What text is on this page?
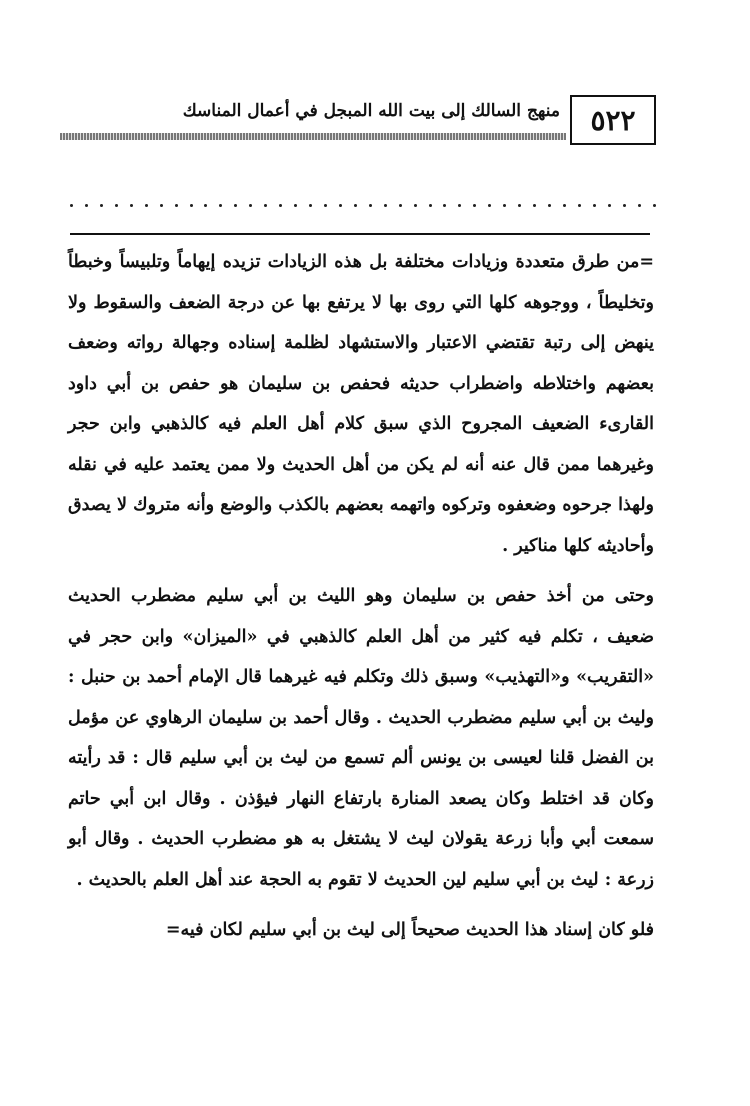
منهج السالك إلى بيت الله المبجل في أعمال المناسك	٥٢٢

=من طرق متعددة وزيادات مختلفة بل هذه الزيادات تزيده إيهاماً وتلبيساً وخبطاً وتخليطاً ، ووجوهه كلها التي روى بها لا يرتفع بها عن درجة الضعف والسقوط ولا ينهض إلى رتبة تقتضي الاعتبار والاستشهاد لظلمة إسناده وجهالة رواته وضعف بعضهم واختلاطه واضطراب حديثه فحفص بن سليمان هو حفص بن أبي داود القارىء الضعيف المجروح الذي سبق كلام أهل العلم فيه كالذهبي وابن حجر وغيرهما ممن قال عنه أنه لم يكن من أهل الحديث ولا ممن يعتمد عليه في نقله ولهذا جرحوه وضعفوه وتركوه واتهمه بعضهم بالكذب والوضع وأنه متروك لا يصدق وأحاديثه كلها مناكير .

وحتى من أخذ حفص بن سليمان وهو الليث بن أبي سليم مضطرب الحديث ضعيف ، تكلم فيه كثير من أهل العلم كالذهبي في «الميزان» وابن حجر في «التقريب» و«التهذيب» وسبق ذلك وتكلم فيه غيرهما قال الإمام أحمد بن حنبل : وليث بن أبي سليم مضطرب الحديث . وقال أحمد بن سليمان الرهاوي عن مؤمل بن الفضل قلنا لعيسى بن يونس ألم تسمع من ليث بن أبي سليم قال : قد رأيته وكان قد اختلط وكان يصعد المنارة بارتفاع النهار فيؤذن . وقال ابن أبي حاتم سمعت أبي وأبا زرعة يقولان ليث لا يشتغل به هو مضطرب الحديث . وقال أبو زرعة : ليث بن أبي سليم لين الحديث لا تقوم به الحجة عند أهل العلم بالحديث .

فلو كان إسناد هذا الحديث صحيحاً إلى ليث بن أبي سليم لكان فيه=
